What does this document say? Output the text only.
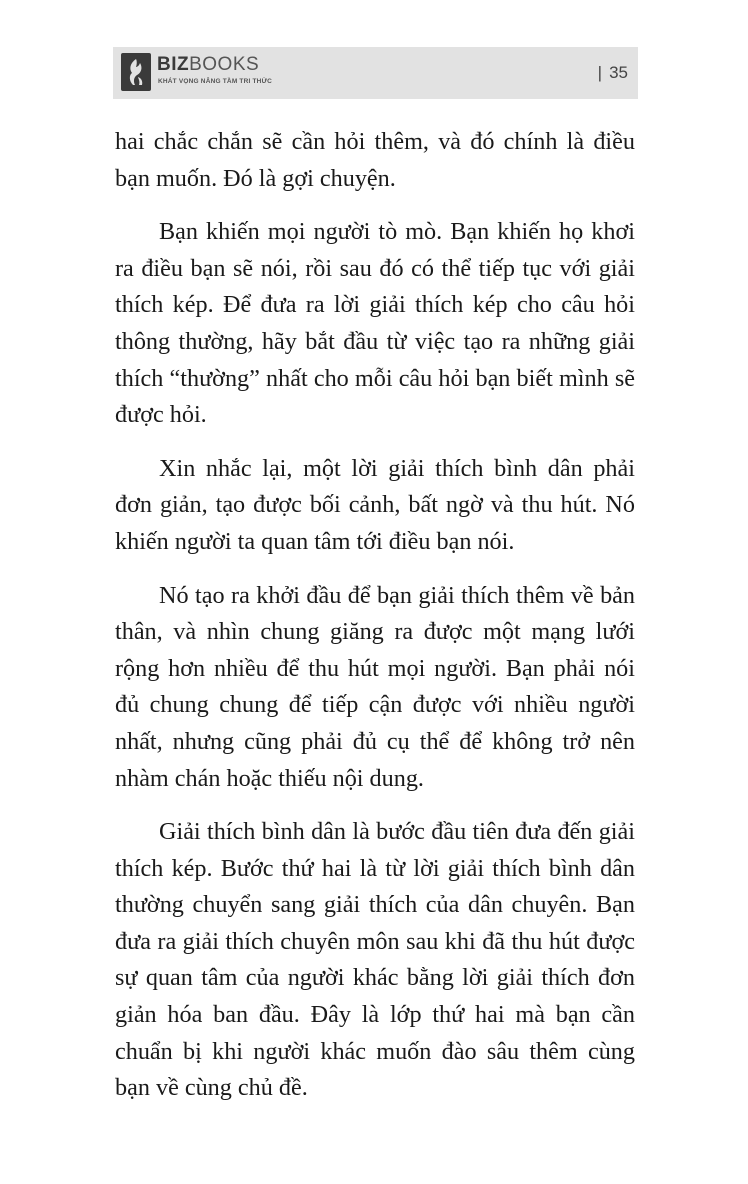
BIZBOOKS
KHÁT VỌNG NÂNG TẦM TRI THỨC	| 35

hai chắc chắn sẽ cần hỏi thêm, và đó chính là điều bạn muốn. Đó là gợi chuyện.

Bạn khiến mọi người tò mò. Bạn khiến họ khơi ra điều bạn sẽ nói, rồi sau đó có thể tiếp tục với giải thích kép. Để đưa ra lời giải thích kép cho câu hỏi thông thường, hãy bắt đầu từ việc tạo ra những giải thích “thường” nhất cho mỗi câu hỏi bạn biết mình sẽ được hỏi.

Xin nhắc lại, một lời giải thích bình dân phải đơn giản, tạo được bối cảnh, bất ngờ và thu hút. Nó khiến người ta quan tâm tới điều bạn nói.

Nó tạo ra khởi đầu để bạn giải thích thêm về bản thân, và nhìn chung giăng ra được một mạng lưới rộng hơn nhiều để thu hút mọi người. Bạn phải nói đủ chung chung để tiếp cận được với nhiều người nhất, nhưng cũng phải đủ cụ thể để không trở nên nhàm chán hoặc thiếu nội dung.

Giải thích bình dân là bước đầu tiên đưa đến giải thích kép. Bước thứ hai là từ lời giải thích bình dân thường chuyển sang giải thích của dân chuyên. Bạn đưa ra giải thích chuyên môn sau khi đã thu hút được sự quan tâm của người khác bằng lời giải thích đơn giản hóa ban đầu. Đây là lớp thứ hai mà bạn cần chuẩn bị khi người khác muốn đào sâu thêm cùng bạn về cùng chủ đề.
